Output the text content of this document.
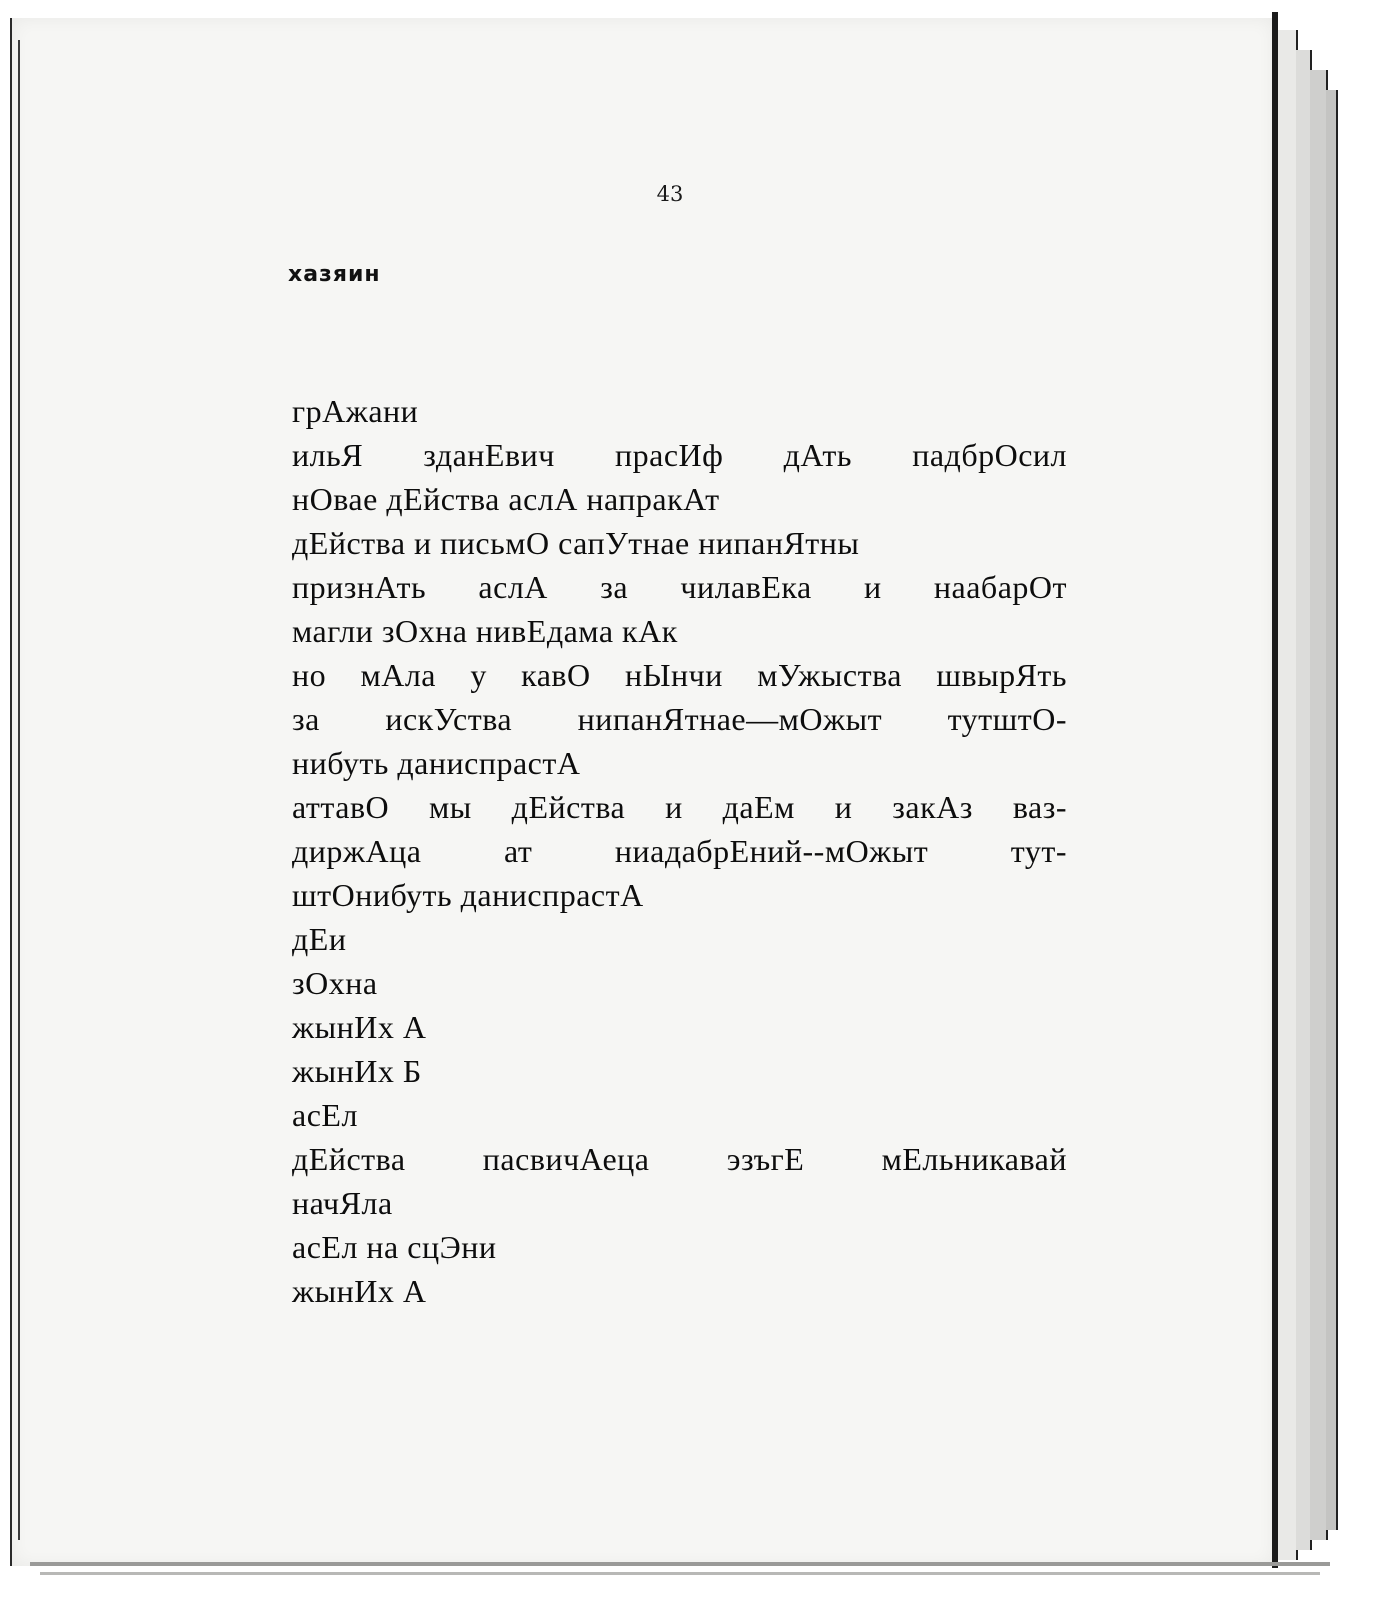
43
хазяин
грАжани
ильЯ зданЕвич прасИф дАть падбрОсил
нОвае дЕйства аслА напракАт
дЕйства и письмО сапУтнае нипанЯтны
признАть аслА за чилавЕка и наабарОт
магли зОхна нивЕдама кАк
но мАла у кавО нЫнчи мУжыства швырЯть
за искУства нипанЯтнае—мОжыт тутштО-
нибуть даниспрастА
аттавО мы дЕйства и даЕм и закАз ваз-
диржАца ат ниадабрЕний--мОжыт тут-
штОнибуть даниспрастА
дЕи
зОхна
жынИх А
жынИх Б
асЕл
дЕйства пасвичАеца эзъгЕ мЕльникавай
начЯла
асЕл на сцЭни
жынИх А
